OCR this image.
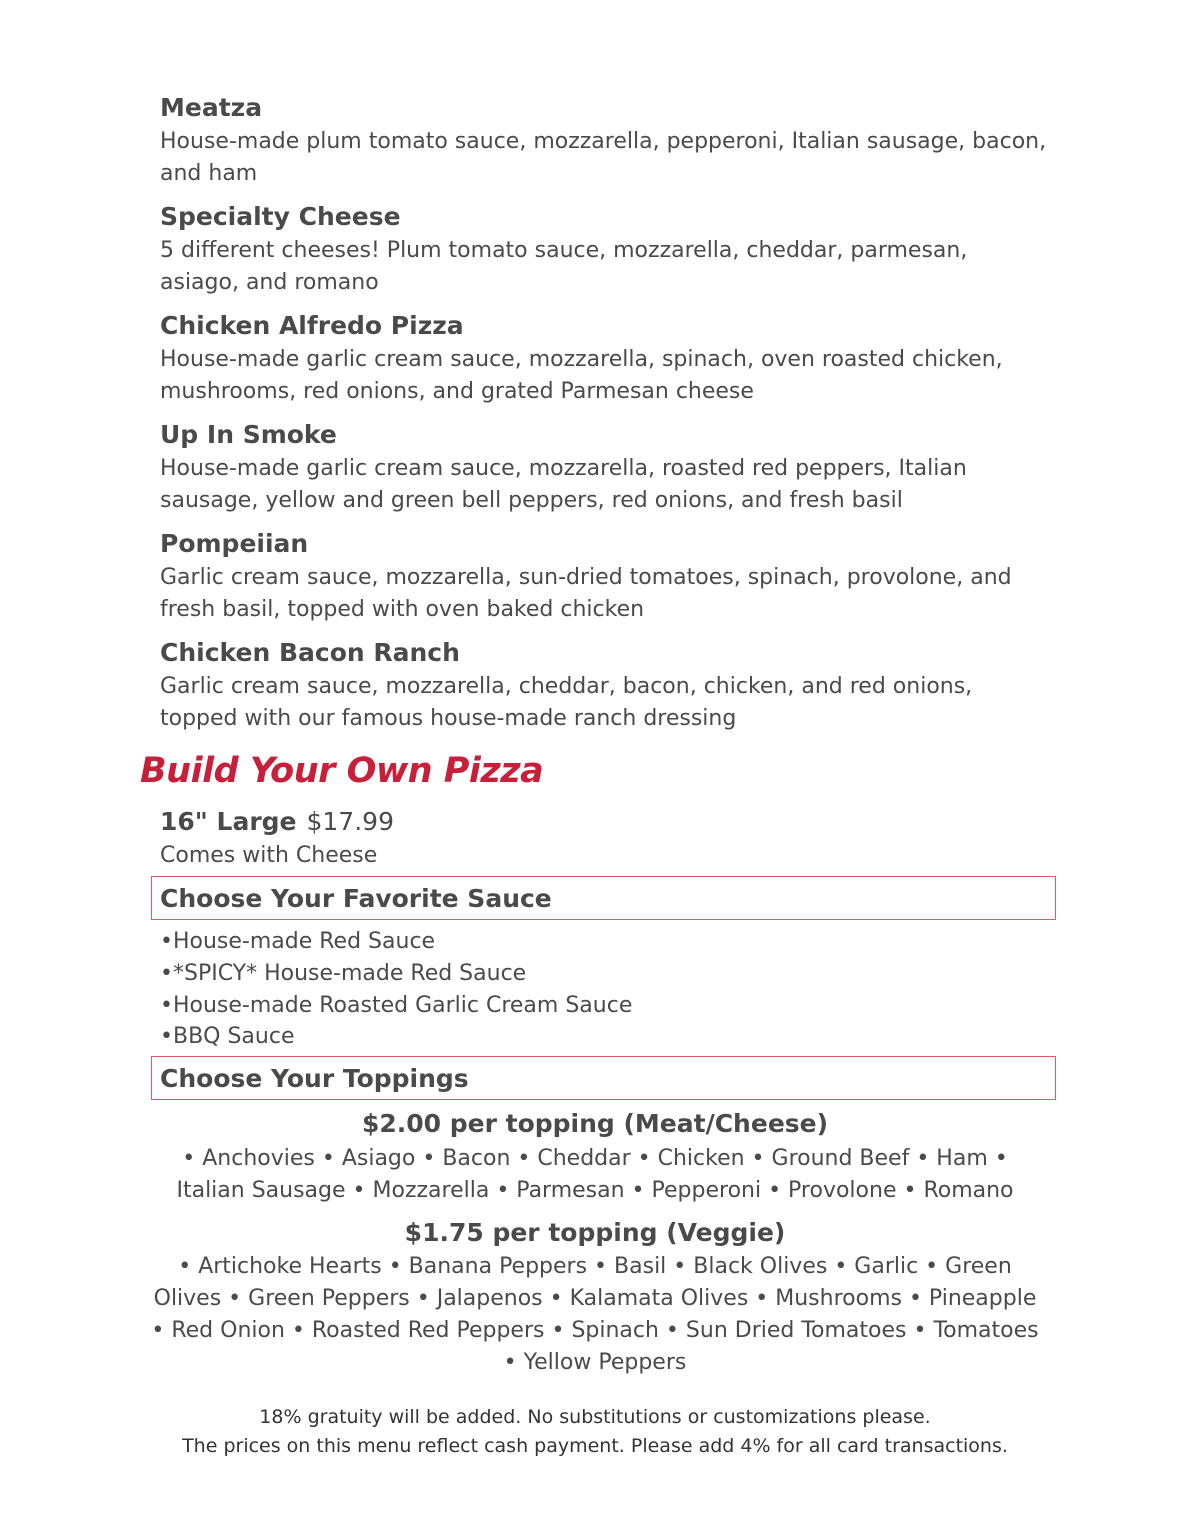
Meatza
House-made plum tomato sauce, mozzarella, pepperoni, Italian sausage, bacon, and ham
Specialty Cheese
5 different cheeses! Plum tomato sauce, mozzarella, cheddar, parmesan, asiago, and romano
Chicken Alfredo Pizza
House-made garlic cream sauce, mozzarella, spinach, oven roasted chicken, mushrooms, red onions, and grated Parmesan cheese
Up In Smoke
House-made garlic cream sauce, mozzarella, roasted red peppers, Italian sausage, yellow and green bell peppers, red onions, and fresh basil
Pompeiian
Garlic cream sauce, mozzarella, sun-dried tomatoes, spinach, provolone, and fresh basil, topped with oven baked chicken
Chicken Bacon Ranch
Garlic cream sauce, mozzarella, cheddar, bacon, chicken, and red onions, topped with our famous house-made ranch dressing
Build Your Own Pizza
16" Large $17.99
Comes with Cheese
Choose Your Favorite Sauce
•House-made Red Sauce
•*SPICY* House-made Red Sauce
•House-made Roasted Garlic Cream Sauce
•BBQ Sauce
Choose Your Toppings
$2.00 per topping (Meat/Cheese)
• Anchovies • Asiago • Bacon • Cheddar • Chicken • Ground Beef • Ham • Italian Sausage • Mozzarella • Parmesan • Pepperoni • Provolone • Romano
$1.75 per topping (Veggie)
• Artichoke Hearts • Banana Peppers • Basil • Black Olives • Garlic • Green Olives • Green Peppers • Jalapenos • Kalamata Olives • Mushrooms • Pineapple • Red Onion • Roasted Red Peppers • Spinach • Sun Dried Tomatoes • Tomatoes • Yellow Peppers
18% gratuity will be added. No substitutions or customizations please.
The prices on this menu reflect cash payment. Please add 4% for all card transactions.
